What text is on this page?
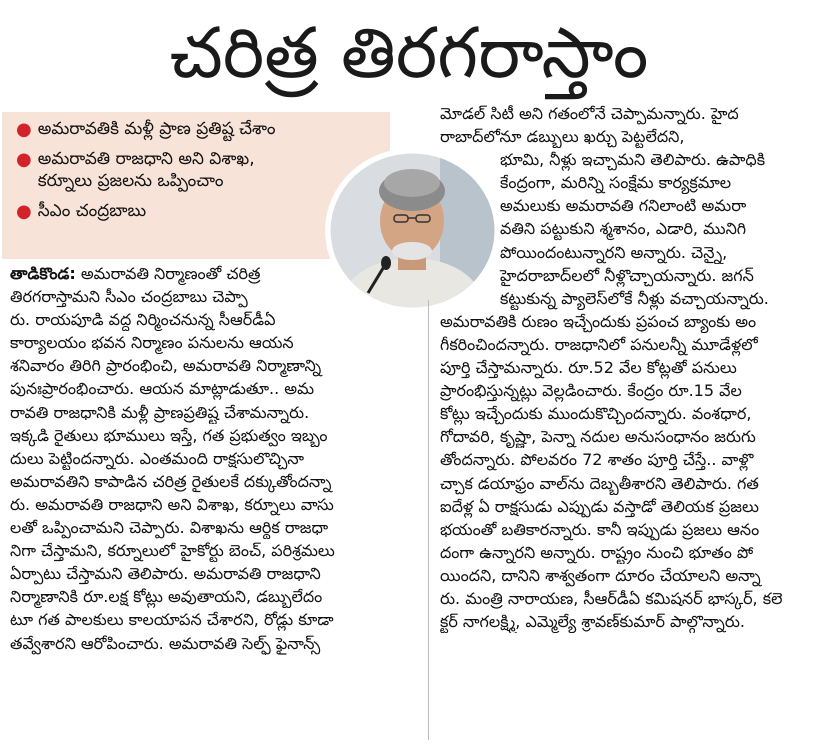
చరిత్ర తిరగరాస్తాం
● అమరావతికి మళ్లీ ప్రాణ ప్రతిష్ట చేశాం
● అమరావతి రాజధాని అని విశాఖ, కర్నూలు ప్రజలను ఒప్పించాం
● సీఎం చంద్రబాబు
తాడికొండ: అమరావతి నిర్మాణంతో చరిత్ర
తిరగరాస్తామని సీఎం చంద్రబాబు చెప్పా
రు. రాయపూడి వద్ద నిర్మించనున్న సీఆర్‌డీఏ
కార్యాలయం భవన నిర్మాణం పనులను ఆయన
శనివారం తిరిగి ప్రారంభించి, అమరావతి నిర్మాణాన్ని
పునఃప్రారంభించారు. ఆయన మాట్లాడుతూ.. అమ
రావతి రాజధానికి మళ్లీ ప్రాణప్రతిష్ట చేశామన్నారు.
ఇక్కడి రైతులు భూములు ఇస్తే, గత ప్రభుత్వం ఇబ్బం
దులు పెట్టిందన్నారు. ఎంతమంది రాక్షసులొచ్చినా
అమరావతిని కాపాడిన చరిత్ర రైతులకే దక్కుతోందన్నా
రు. అమరావతి రాజధాని అని విశాఖ, కర్నూలు వాసు
లతో ఒప్పించామని చెప్పారు. విశాఖను ఆర్థిక రాజధా
నిగా చేస్తామని, కర్నూలులో హైకోర్టు బెంచ్, పరిశ్రమలు
ఏర్పాటు చేస్తామని తెలిపారు. అమరావతి రాజధాని
నిర్మాణానికి రూ.లక్ష కోట్లు అవుతాయని, డబ్బులేదం
టూ గత పాలకులు కాలయాపన చేశారని, రోడ్లు కూడా
తవ్వేశారని ఆరోపించారు. అమరావతి సెల్ఫ్ ఫైనాన్స్
మోడల్ సిటీ అని గతంలోనే చెప్పామన్నారు. హైద
రాబాద్‌లోనూ డబ్బులు ఖర్చు పెట్టలేదని,
భూమి, నీళ్లు ఇచ్చామని తెలిపారు. ఉపాధికి
కేంద్రంగా, మరిన్ని సంక్షేమ కార్యక్రమాల
అమలుకు అమరావతి గనిలాంటి అమరా
వతిని పట్టుకుని శ్మశానం, ఎడారి, మునిగి
పోయిందంటున్నారని అన్నారు. చెన్నై,
హైదరాబాద్‌లలో నీళ్లొచ్చాయన్నారు. జగన్
కట్టుకున్న ప్యాలెస్‌లోకే నీళ్లు వచ్చాయన్నారు.
అమరావతికి రుణం ఇచ్చేందుకు ప్రపంచ బ్యాంకు అం
గీకరించిందన్నారు. రాజధానిలో పనులన్నీ మూడేళ్లలో
పూర్తి చేస్తామన్నారు. రూ.52 వేల కోట్లతో పనులు
ప్రారంభిస్తున్నట్లు వెల్లడించారు. కేంద్రం రూ.15 వేల
కోట్లు ఇచ్చేందుకు ముందుకొచ్చిందన్నారు. వంశధార,
గోదావరి, కృష్ణా, పెన్నా నదుల అనుసంధానం జరుగు
తోందన్నారు. పోలవరం 72 శాతం పూర్తి చేస్తే.. వాళ్లొ
చ్చాక డయాఫ్రం వాల్‌ను దెబ్బతీశారని తెలిపారు. గత
ఐదేళ్ల ఏ రాక్షసుడు ఎప్పుడు వస్తాడో తెలియక ప్రజలు
భయంతో బతికారన్నారు. కానీ ఇప్పుడు ప్రజలు ఆనం
దంగా ఉన్నారని అన్నారు. రాష్ట్రం నుంచి భూతం పో
యిందని, దానిని శాశ్వతంగా దూరం చేయాలని అన్నా
రు. మంత్రి నారాయణ, సీఆర్‌డీఏ కమిషనర్ భాస్కర్, కలె
క్టర్ నాగలక్ష్మి, ఎమ్మెల్యే శ్రావణ్‌కుమార్ పాల్గొన్నారు.
